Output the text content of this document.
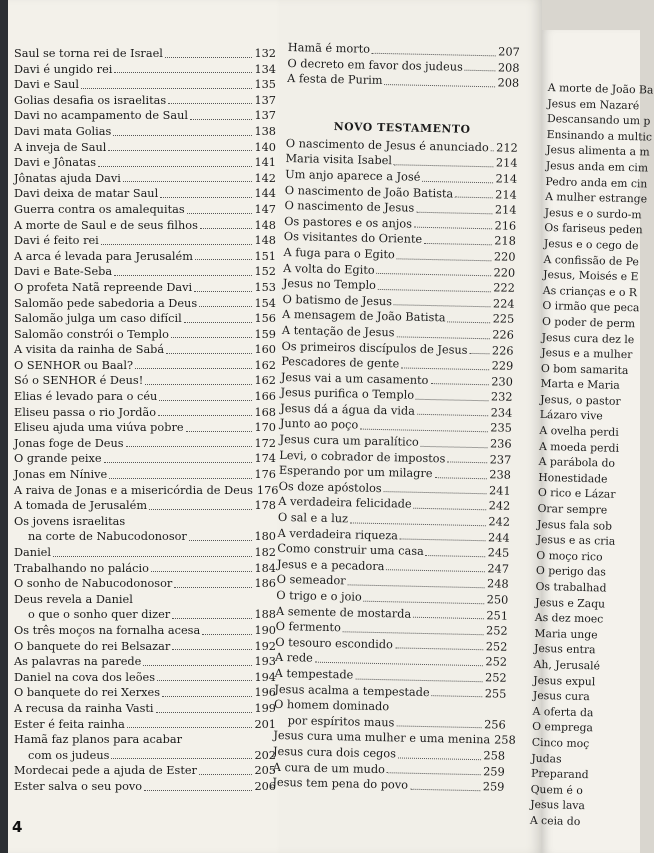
Saul se torna rei de Israel	132
Davi é ungido rei	134
Davi e Saul	135
Golias desafia os israelitas	137
Davi no acampamento de Saul	137
Davi mata Golias	138
A inveja de Saul	140
Davi e Jônatas	141
Jônatas ajuda Davi	142
Davi deixa de matar Saul	144
Guerra contra os amalequitas	147
A morte de Saul e de seus filhos	148
Davi é feito rei	148
A arca é levada para Jerusalém	151
Davi e Bate-Seba	152
O profeta Natã repreende Davi	153
Salomão pede sabedoria a Deus	154
Salomão julga um caso difícil	156
Salomão constrói o Templo	159
A visita da rainha de Sabá	160
O SENHOR ou Baal?	162
Só o SENHOR é Deus!	162
Elias é levado para o céu	166
Eliseu passa o rio Jordão	168
Eliseu ajuda uma viúva pobre	170
Jonas foge de Deus	172
O grande peixe	174
Jonas em Nínive	176
A raiva de Jonas e a misericórdia de Deus 176
A tomada de Jerusalém	178
Os jovens israelitas
na corte de Nabucodonosor	180
Daniel	182
Trabalhando no palácio	184
O sonho de Nabucodonosor	186
Deus revela a Daniel
o que o sonho quer dizer	188
Os três moços na fornalha acesa	190
O banquete do rei Belsazar	192
As palavras na parede	193
Daniel na cova dos leões	194
O banquete do rei Xerxes	196
A recusa da rainha Vasti	199
Ester é feita rainha	201
Hamã faz planos para acabar
com os judeus	202
Mordecai pede a ajuda de Ester	205
Ester salva o seu povo	206
Hamã é morto	207
O decreto em favor dos judeus	208
A festa de Purim	208
NOVO TESTAMENTO
O nascimento de Jesus é anunciado 212
Maria visita Isabel	214
Um anjo aparece a José	214
O nascimento de João Batista	214
O nascimento de Jesus	214
Os pastores e os anjos	216
Os visitantes do Oriente	218
A fuga para o Egito	220
A volta do Egito	220
Jesus no Templo	222
O batismo de Jesus	224
A mensagem de João Batista	225
A tentação de Jesus	226
Os primeiros discípulos de Jesus 226
Pescadores de gente	229
Jesus vai a um casamento	230
Jesus purifica o Templo	232
Jesus dá a água da vida	234
Junto ao poço	235
Jesus cura um paralítico	236
Levi, o cobrador de impostos	237
Esperando por um milagre	238
Os doze apóstolos	241
A verdadeira felicidade	242
O sal e a luz	242
A verdadeira riqueza	244
Como construir uma casa	245
Jesus e a pecadora	247
O semeador	248
O trigo e o joio	250
A semente de mostarda	251
O fermento	252
O tesouro escondido	252
A rede	252
A tempestade	252
Jesus acalma a tempestade	255
O homem dominado
por espíritos maus	256
Jesus cura uma mulher e uma menina 258
Jesus cura dois cegos	258
A cura de um mudo	259
Jesus tem pena do povo	259
A morte de João Ba
Jesus em Nazaré
Descansando um p
Ensinando a multic
Jesus alimenta a m
Jesus anda em cim
Pedro anda em cin
A mulher estrange
Jesus e o surdo-m
Os fariseus peden
Jesus e o cego de
A confissão de Pe
Jesus, Moisés e E
As crianças e o R
O irmão que peca
O poder de perm
Jesus cura dez le
Jesus e a mulher
O bom samarita
Marta e Maria
Jesus, o pastor
Lázaro vive
A ovelha perdi
A moeda perdi
A parábola do
Honestidade
O rico e Lázar
Orar sempre
Jesus fala sob
Jesus e as cria
O moço rico
O perigo das
Os trabalhad
Jesus e Zaqu
As dez moec
Maria unge
Jesus entra
Ah, Jerusalé
Jesus expul
Jesus cura
A oferta da
O emprega
Cinco moç
Judas
Preparand
Quem é o
Jesus lava
A ceia do
4
